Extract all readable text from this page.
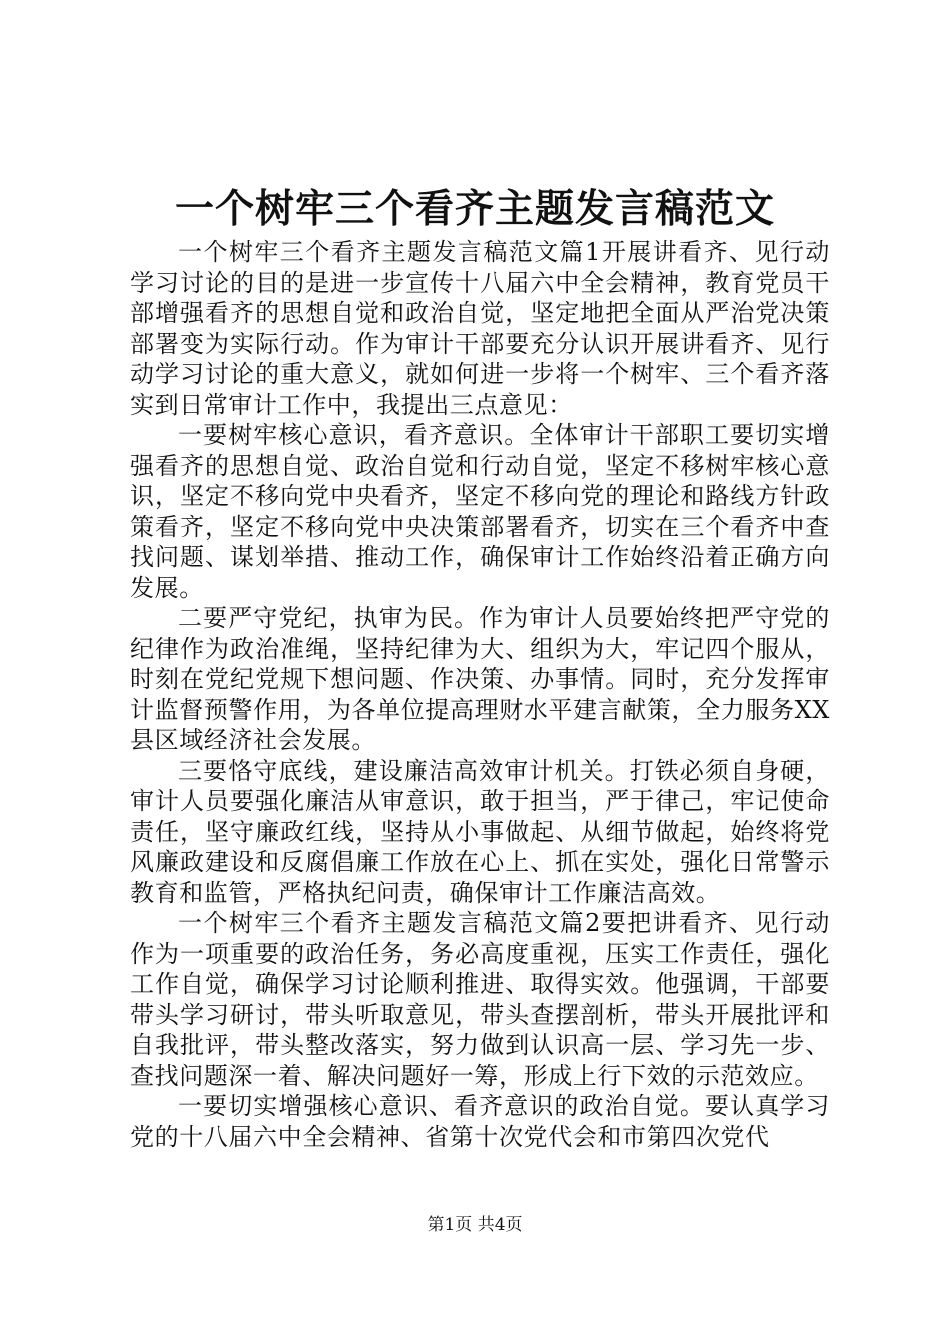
一个树牢三个看齐主题发言稿范文

一个树牢三个看齐主题发言稿范文篇1开展讲看齐、见行动学习讨论的目的是进一步宣传十八届六中全会精神，教育党员干部增强看齐的思想自觉和政治自觉，坚定地把全面从严治党决策部署变为实际行动。作为审计干部要充分认识开展讲看齐、见行动学习讨论的重大意义，就如何进一步将一个树牢、三个看齐落实到日常审计工作中，我提出三点意见：

一要树牢核心意识，看齐意识。全体审计干部职工要切实增强看齐的思想自觉、政治自觉和行动自觉，坚定不移树牢核心意识，坚定不移向党中央看齐，坚定不移向党的理论和路线方针政策看齐，坚定不移向党中央决策部署看齐，切实在三个看齐中查找问题、谋划举措、推动工作，确保审计工作始终沿着正确方向发展。

二要严守党纪，执审为民。作为审计人员要始终把严守党的纪律作为政治准绳，坚持纪律为大、组织为大，牢记四个服从，时刻在党纪党规下想问题、作决策、办事情。同时，充分发挥审计监督预警作用，为各单位提高理财水平建言献策，全力服务XX县区域经济社会发展。

三要恪守底线，建设廉洁高效审计机关。打铁必须自身硬，审计人员要强化廉洁从审意识，敢于担当，严于律己，牢记使命责任，坚守廉政红线，坚持从小事做起、从细节做起，始终将党风廉政建设和反腐倡廉工作放在心上、抓在实处，强化日常警示教育和监管，严格执纪问责，确保审计工作廉洁高效。

一个树牢三个看齐主题发言稿范文篇2要把讲看齐、见行动作为一项重要的政治任务，务必高度重视，压实工作责任，强化工作自觉，确保学习讨论顺利推进、取得实效。他强调，干部要带头学习研讨，带头听取意见，带头查摆剖析，带头开展批评和自我批评，带头整改落实，努力做到认识高一层、学习先一步、查找问题深一着、解决问题好一筹，形成上行下效的示范效应。

一要切实增强核心意识、看齐意识的政治自觉。要认真学习党的十八届六中全会精神、省第十次党代会和市第四次党代

第1页 共4页
